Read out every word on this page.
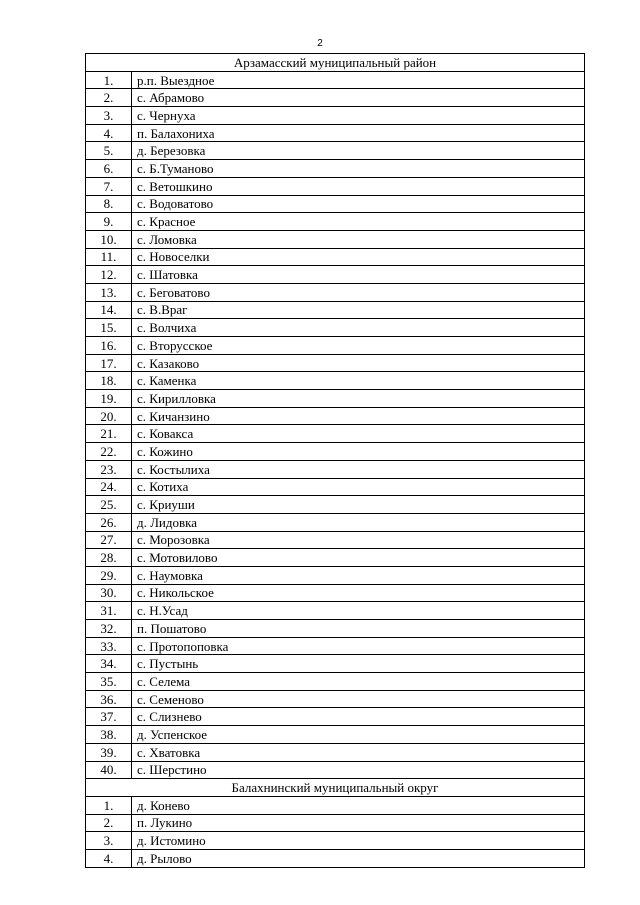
2
Арзамасский муниципальный район	
1.	р.п. Выездное
2.	с. Абрамово
3.	с. Чернуха
4.	п. Балахониха
5.	д. Березовка
6.	с. Б.Туманово
7.	с. Ветошкино
8.	с. Водоватово
9.	с. Красное
10.	с. Ломовка
11.	с. Новоселки
12.	с. Шатовка
13.	с. Беговатово
14.	с. В.Враг
15.	с. Волчиха
16.	с. Вторусское
17.	с. Казаково
18.	с. Каменка
19.	с. Кирилловка
20.	с. Кичанзино
21.	с. Ковакса
22.	с. Кожино
23.	с. Костылиха
24.	с. Котиха
25.	с. Криуши
26.	д. Лидовка
27.	с. Морозовка
28.	с. Мотовилово
29.	с. Наумовка
30.	с. Никольское
31.	с. Н.Усад
32.	п. Пошатово
33.	с. Протопоповка
34.	с. Пустынь
35.	с. Селема
36.	с. Семеново
37.	с. Слизнево
38.	д. Успенское
39.	с. Хватовка
40.	с. Шерстино
Балахнинский муниципальный округ	
1.	д. Конево
2.	п. Лукино
3.	д. Истомино
4.	д. Рылово
